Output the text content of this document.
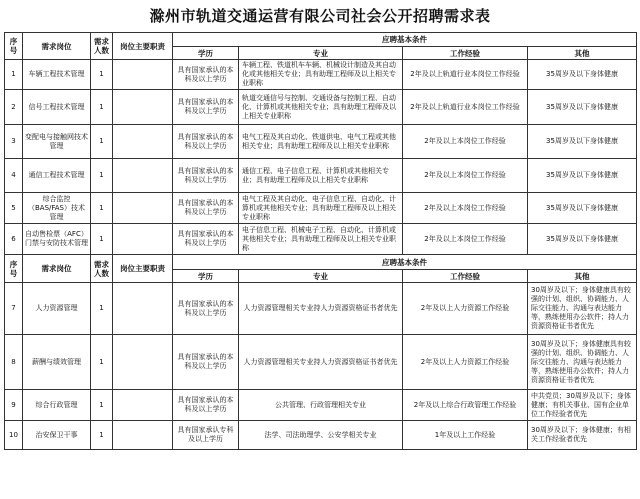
滁州市轨道交通运营有限公司社会公开招聘需求表
序号	需求岗位	需求人数	岗位主要职责	应聘基本条件			
				学历	专业	工作经验	其他
1	车辆工程技术管理	1		具有国家承认的本科及以上学历	车辆工程、铁道机车车辆、机械设计制造及其自动化或其他相关专业；具有助理工程师及以上相关专业职称	2年及以上轨道行业本岗位工作经验	35周岁及以下身体健康
2	信号工程技术管理	1		具有国家承认的本科及以上学历	轨道交通信号与控制、交通设备与控制工程、自动化、计算机或其他相关专业；具有助理工程师及以上相关专业职称	2年及以上轨道行业本岗位工作经验	35周岁及以下身体健康
3	变配电与接触网技术管理	1		具有国家承认的本科及以上学历	电气工程及其自动化、铁道供电、电气工程或其他相关专业；具有助理工程师及以上相关专业职称	2年及以上本岗位工作经验	35周岁及以下身体健康
4	通信工程技术管理	1		具有国家承认的本科及以上学历	通信工程、电子信息工程、计算机或其他相关专业；具有助理工程师及以上相关专业职称	2年及以上本岗位工作经验	35周岁及以下身体健康
5	综合监控（BAS/FAS）技术管理	1		具有国家承认的本科及以上学历	电气工程及其自动化、电子信息工程、自动化、计算机或其他相关专业；具有助理工程师及以上相关专业职称	2年及以上本岗位工作经验	35周岁及以下身体健康
6	自动售检票（AFC）门禁与安防技术管理	1		具有国家承认的本科及以上学历	电子信息工程、机械电子工程、自动化、计算机或其他相关专业；具有助理工程师及以上相关专业职称	2年及以上本岗位工作经验	35周岁及以下身体健康
序号	需求岗位	需求人数	岗位主要职责	应聘基本条件			
				学历	专业	工作经验	其他
7	人力资源管理	1		具有国家承认的本科及以上学历	人力资源管理相关专业持人力资源资格证书者优先	2年及以上人力资源工作经验	30周岁及以下；身体健康具有较强的计划、组织、协调能力、人际交往能力、沟通与表达能力等，熟练使用办公软件；持人力资源资格证书者优先
8	薪酬与绩效管理	1		具有国家承认的本科及以上学历	人力资源管理相关专业持人力资源资格证书者优先	2年及以上人力资源工作经验	30周岁及以下；身体健康具有较强的计划、组织、协调能力、人际交往能力、沟通与表达能力等，熟练使用办公软件；持人力资源资格证书者优先
9	综合行政管理	1		具有国家承认的本科及以上学历	公共管理、行政管理相关专业	2年及以上综合行政管理工作经验	中共党员；30周岁及以下；身体健康；有机关事业、国有企业单位工作经验者优先
10	治安保卫干事	1		具有国家承认专科及以上学历	法学、司法助理学、公安学相关专业	1年及以上工作经验	30周岁及以下；身体健康；有相关工作经验者优先
